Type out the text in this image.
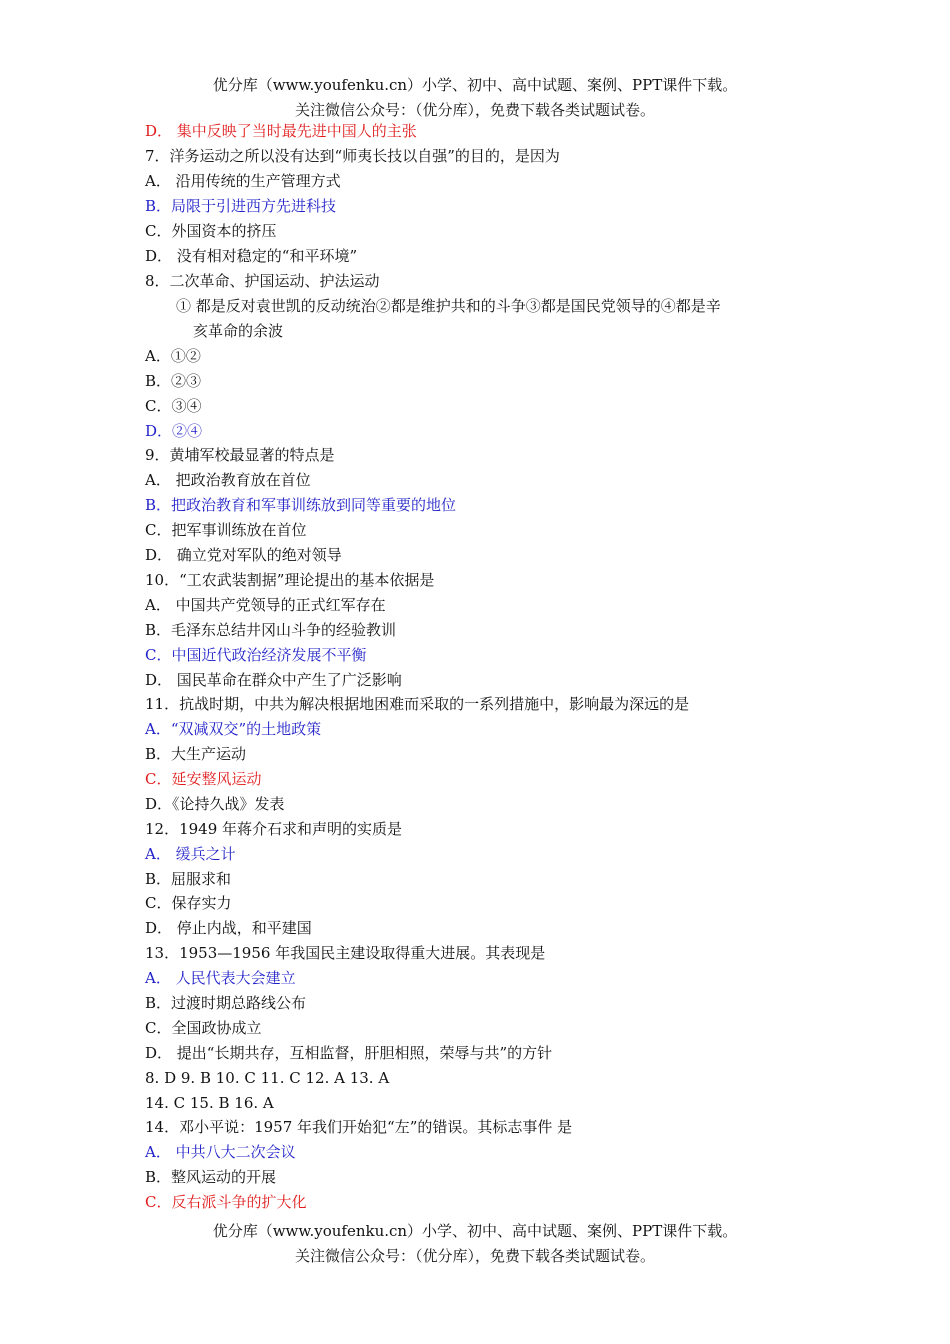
优分库（www.youfenku.cn）小学、初中、高中试题、案例、PPT课件下载。
关注微信公众号：（优分库），免费下载各类试题试卷。
D． 集中反映了当时最先进中国人的主张
7．洋务运动之所以没有达到“师夷长技以自强”的目的，是因为
A． 沿用传统的生产管理方式
B．局限于引进西方先进科技
C．外国资本的挤压
D． 没有相对稳定的“和平环境”
8．二次革命、护国运动、护法运动
① 都是反对袁世凯的反动统治②都是维护共和的斗争③都是国民党领导的④都是辛
亥革命的余波
A．①②
B．②③
C．③④
D．②④
9．黄埔军校最显著的特点是
A． 把政治教育放在首位
B．把政治教育和军事训练放到同等重要的地位
C．把军事训练放在首位
D． 确立党对军队的绝对领导
10．“工农武装割据”理论提出的基本依据是
A． 中国共产党领导的正式红军存在
B．毛泽东总结井冈山斗争的经验教训
C．中国近代政治经济发展不平衡
D． 国民革命在群众中产生了广泛影响
11．抗战时期，中共为解决根据地困难而采取的一系列措施中，影响最为深远的是
A．“双减双交”的土地政策
B．大生产运动
C．延安整风运动
D．《论持久战》发表
12．1949 年蒋介石求和声明的实质是
A． 缓兵之计
B．屈服求和
C．保存实力
D． 停止内战，和平建国
13．1953—1956 年我国民主建设取得重大进展。其表现是
A． 人民代表大会建立
B．过渡时期总路线公布
C．全国政协成立
D． 提出“长期共存，互相监督，肝胆相照，荣辱与共”的方针
8. D 9. B 10. C 11. C 12. A 13. A
14. C 15. B 16. A
14．邓小平说：1957 年我们开始犯“左”的错误。其标志事件 是
A． 中共八大二次会议
B．整风运动的开展
C．反右派斗争的扩大化
优分库（www.youfenku.cn）小学、初中、高中试题、案例、PPT课件下载。
关注微信公众号：（优分库），免费下载各类试题试卷。
